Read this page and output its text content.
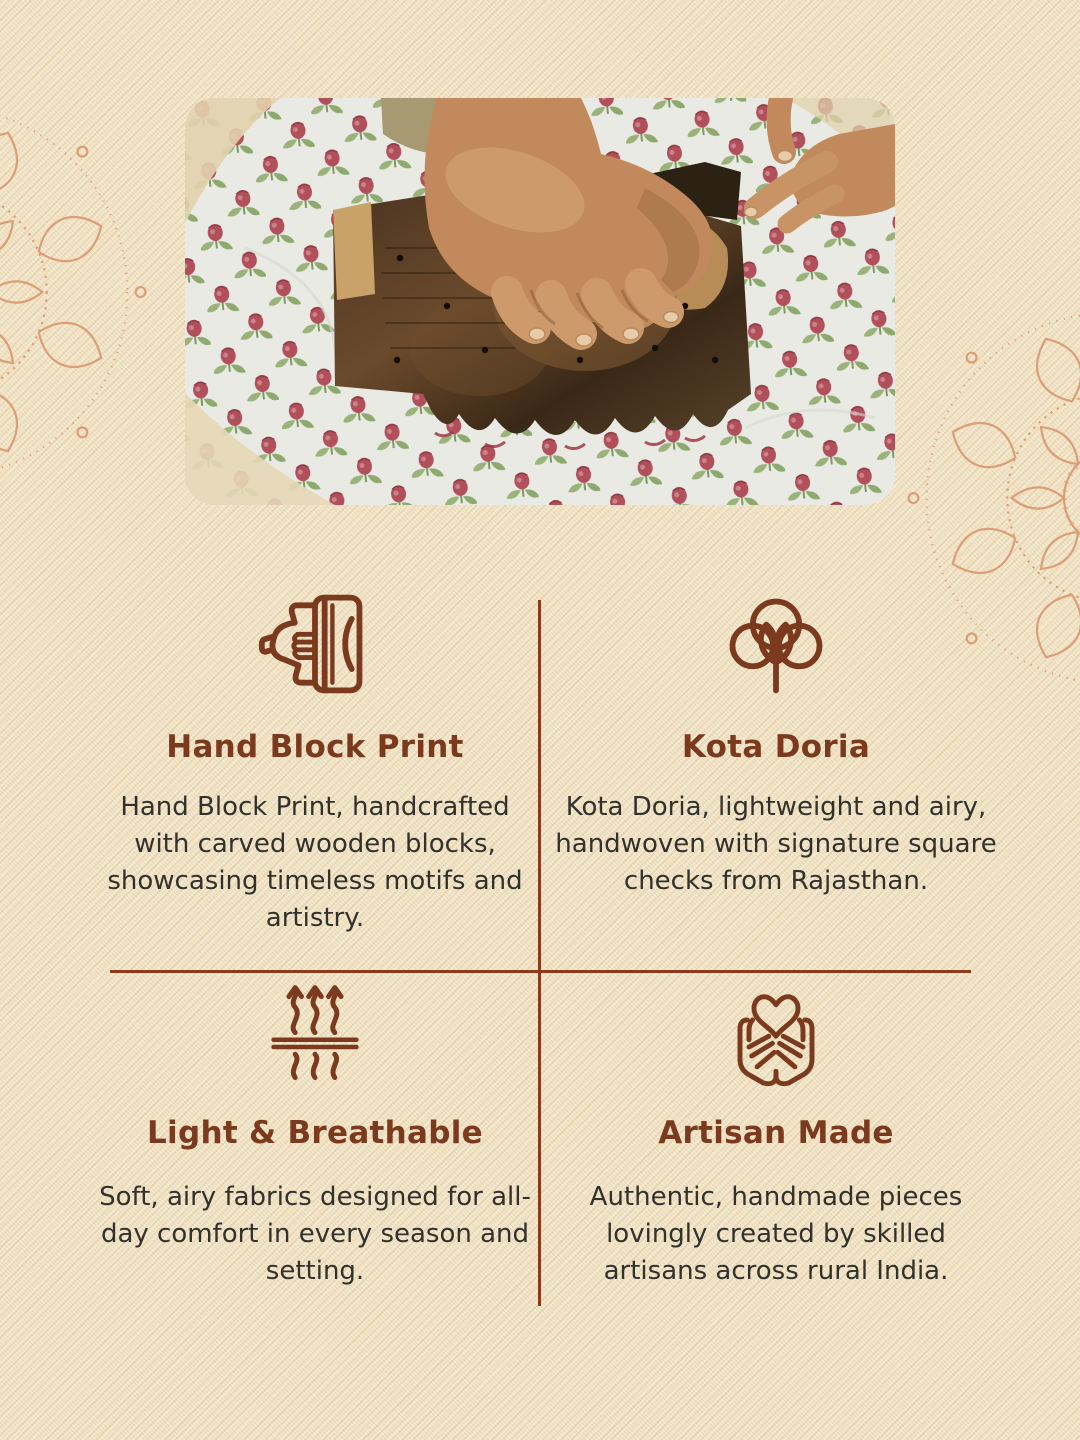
Hand Block Print

Hand Block Print, handcrafted with carved wooden blocks, showcasing timeless motifs and artistry.

Kota Doria

Kota Doria, lightweight and airy, handwoven with signature square checks from Rajasthan.

Light & Breathable

Soft, airy fabrics designed for all-day comfort in every season and setting.

Artisan Made

Authentic, handmade pieces lovingly created by skilled artisans across rural India.
